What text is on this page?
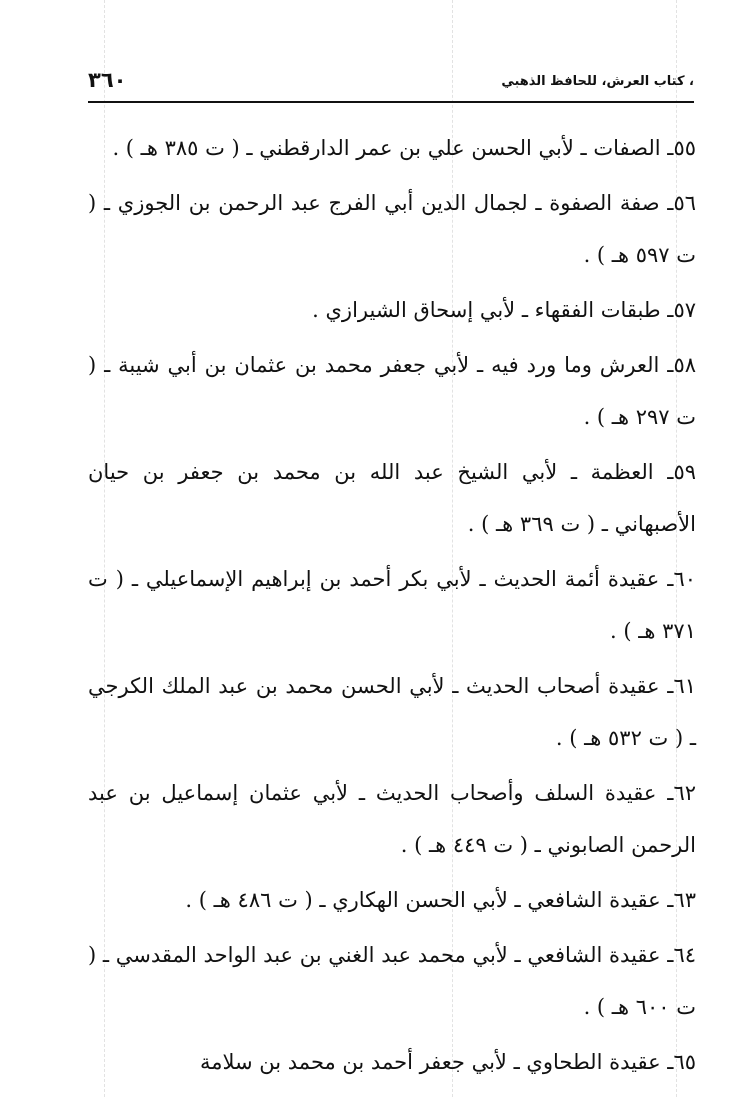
، كتاب العرش، للحافظ الذهبي
٣٦٠

٥٥ـ الصفات ـ لأبي الحسن علي بن عمر الدارقطني ـ ( ت ٣٨٥ هـ ) .

٥٦ـ صفة الصفوة ـ لجمال الدين أبي الفرج عبد الرحمن بن الجوزي ـ ( ت ٥٩٧ هـ ) .

٥٧ـ طبقات الفقهاء ـ لأبي إسحاق الشيرازي .

٥٨ـ العرش وما ورد فيه ـ لأبي جعفر محمد بن عثمان بن أبي شيبة ـ ( ت ٢٩٧ هـ ) .

٥٩ـ العظمة ـ لأبي الشيخ عبد الله بن محمد بن جعفر بن حيان الأصبهاني ـ ( ت ٣٦٩ هـ ) .

٦٠ـ عقيدة أئمة الحديث ـ لأبي بكر أحمد بن إبراهيم الإسماعيلي ـ ( ت ٣٧١ هـ ) .

٦١ـ عقيدة أصحاب الحديث ـ لأبي الحسن محمد بن عبد الملك الكرجي ـ ( ت ٥٣٢ هـ ) .

٦٢ـ عقيدة السلف وأصحاب الحديث ـ لأبي عثمان إسماعيل بن عبد الرحمن الصابوني ـ ( ت ٤٤٩ هـ ) .

٦٣ـ عقيدة الشافعي ـ لأبي الحسن الهكاري ـ ( ت ٤٨٦ هـ ) .

٦٤ـ عقيدة الشافعي ـ لأبي محمد عبد الغني بن عبد الواحد المقدسي ـ ( ت ٦٠٠ هـ ) .

٦٥ـ عقيدة الطحاوي ـ لأبي جعفر أحمد بن محمد بن سلامة
